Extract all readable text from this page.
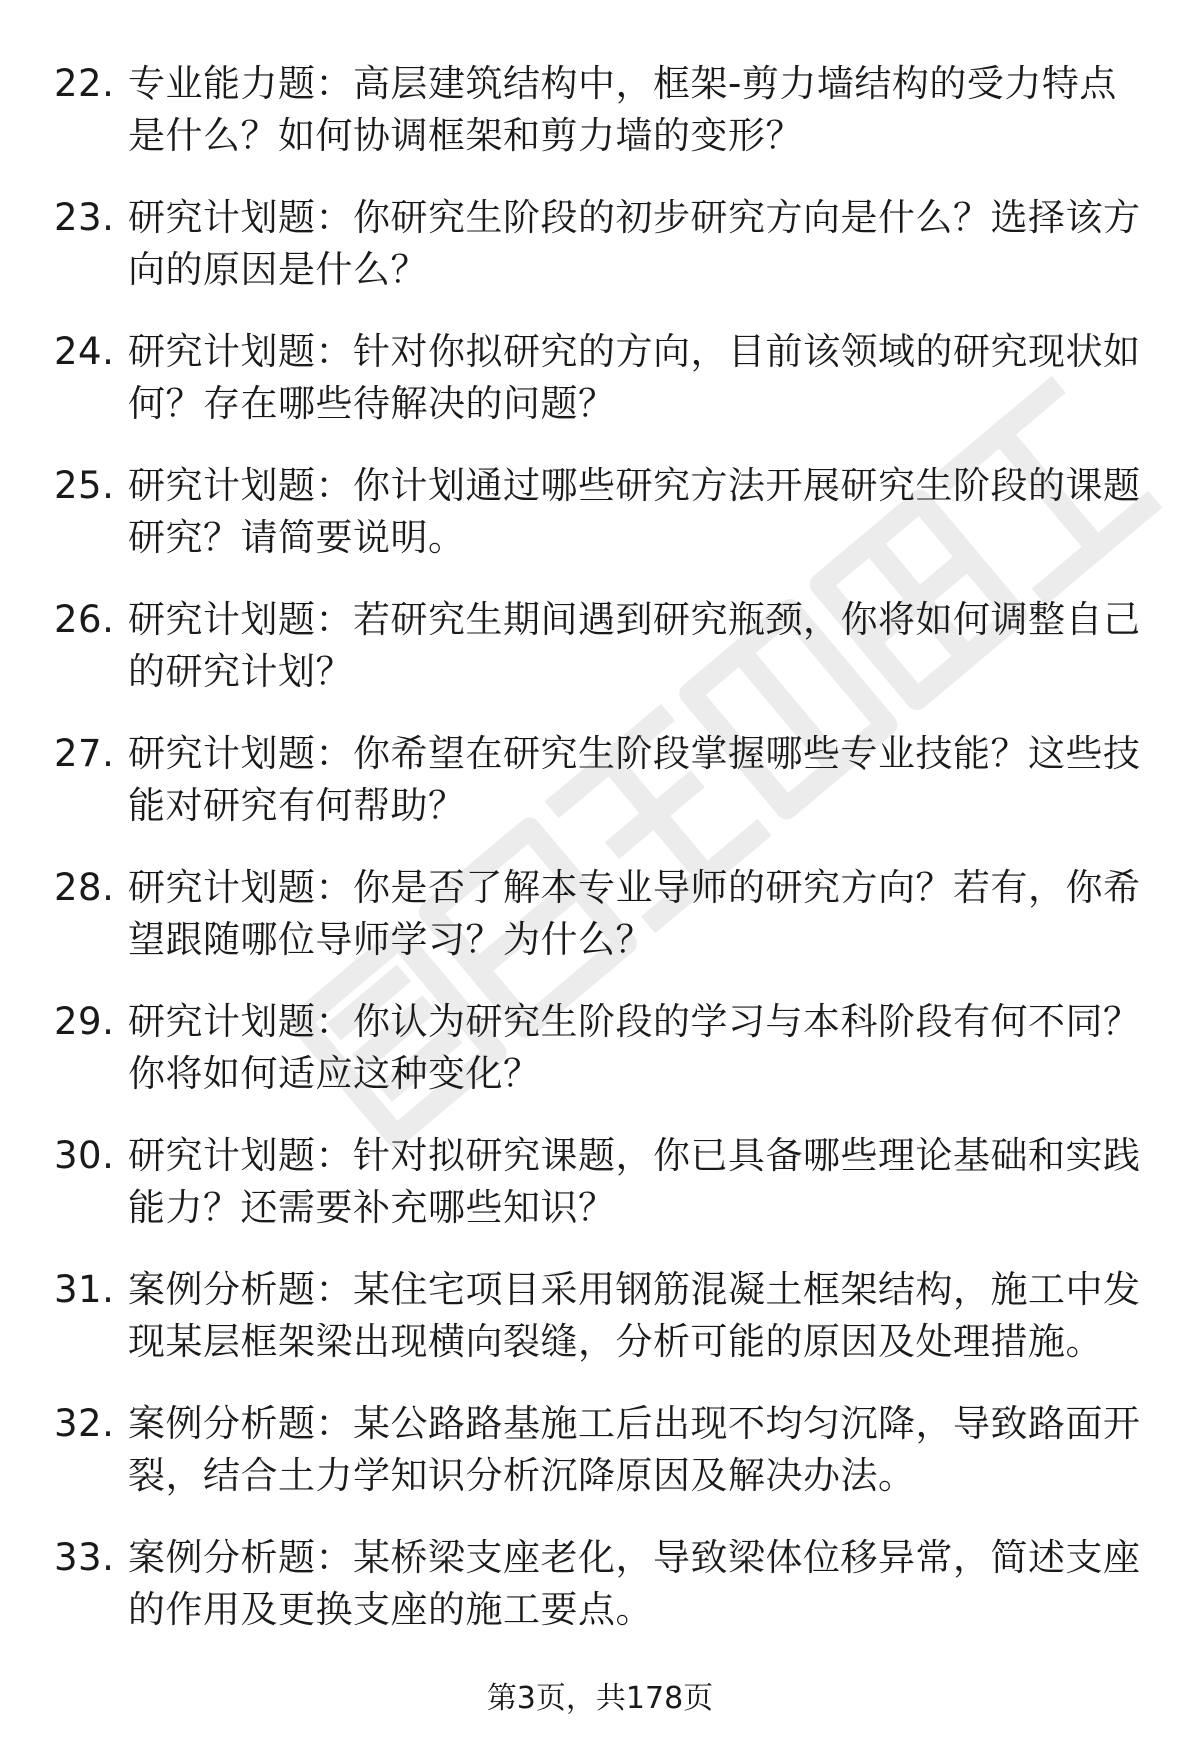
22. 专业能力题：高层建筑结构中，框架-剪力墙结构的受力特点是什么？如何协调框架和剪力墙的变形？
23. 研究计划题：你研究生阶段的初步研究方向是什么？选择该方向的原因是什么？
24. 研究计划题：针对你拟研究的方向，目前该领域的研究现状如何？存在哪些待解决的问题？
25. 研究计划题：你计划通过哪些研究方法开展研究生阶段的课题研究？请简要说明。
26. 研究计划题：若研究生期间遇到研究瓶颈，你将如何调整自己的研究计划？
27. 研究计划题：你希望在研究生阶段掌握哪些专业技能？这些技能对研究有何帮助？
28. 研究计划题：你是否了解本专业导师的研究方向？若有，你希望跟随哪位导师学习？为什么？
29. 研究计划题：你认为研究生阶段的学习与本科阶段有何不同？你将如何适应这种变化？
30. 研究计划题：针对拟研究课题，你已具备哪些理论基础和实践能力？还需要补充哪些知识？
31. 案例分析题：某住宅项目采用钢筋混凝土框架结构，施工中发现某层框架梁出现横向裂缝，分析可能的原因及处理措施。
32. 案例分析题：某公路路基施工后出现不均匀沉降，导致路面开裂，结合土力学知识分析沉降原因及解决办法。
33. 案例分析题：某桥梁支座老化，导致梁体位移异常，简述支座的作用及更换支座的施工要点。
第3页，共178页
